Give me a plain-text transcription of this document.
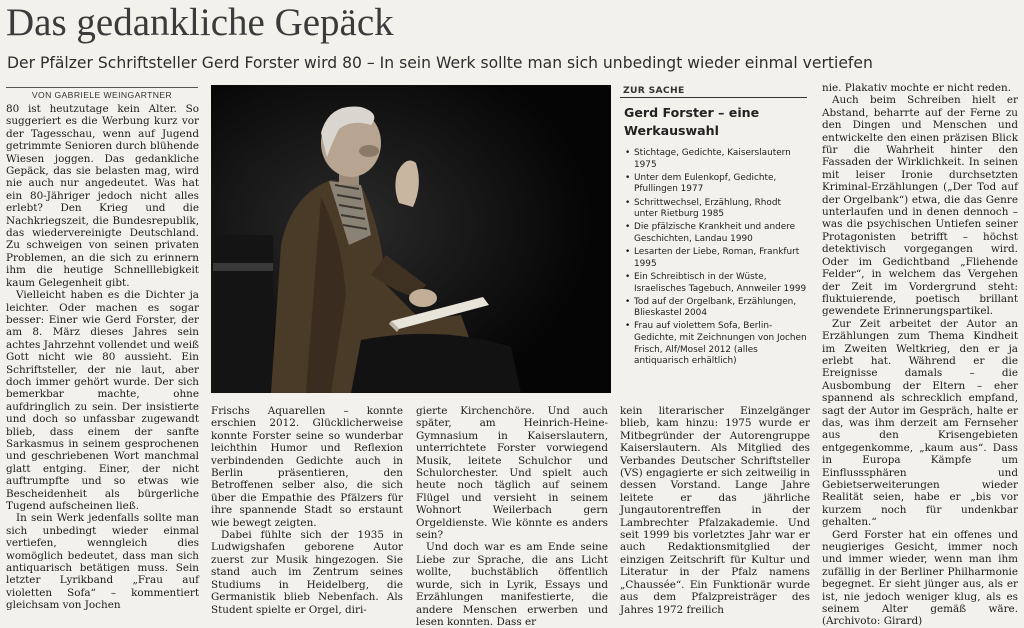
Das gedankliche Gepäck
Der Pfälzer Schriftsteller Gerd Forster wird 80 – In sein Werk sollte man sich unbedingt wieder einmal vertiefen
VON GABRIELE WEINGARTNER

80 ist heutzutage kein Alter. So suggeriert es die Werbung kurz vor der Tagesschau, wenn auf Jugend getrimmte Senioren durch blühende Wiesen joggen. Das gedankliche Gepäck, das sie belasten mag, wird nie auch nur angedeutet. Was hat ein 80-Jähriger jedoch nicht alles erlebt? Den Krieg und die Nachkriegszeit, die Bundesrepublik, das wiedervereinigte Deutschland. Zu schweigen von seinen privaten Problemen, an die sich zu erinnern ihm die heutige Schnelllebigkeit kaum Gelegenheit gibt.

Vielleicht haben es die Dichter ja leichter. Oder machen es sogar besser: Einer wie Gerd Forster, der am 8. März dieses Jahres sein achtes Jahrzehnt vollendet und weiß Gott nicht wie 80 aussieht. Ein Schriftsteller, der nie laut, aber doch immer gehört wurde. Der sich bemerkbar machte, ohne aufdringlich zu sein. Der insistierte und doch so unfassbar zugewandt blieb, dass einem der sanfte Sarkasmus in seinem gesprochenen und geschriebenen Wort manchmal glatt entging. Einer, der nicht auftrumpfte und so etwas wie Bescheidenheit als bürgerliche Tugend aufscheinen ließ.

In sein Werk jedenfalls sollte man sich unbedingt wieder einmal vertiefen, wenngleich dies womöglich bedeutet, dass man sich antiquarisch betätigen muss. Sein letzter Lyrikband „Frau auf violetten Sofa“ – kommentiert gleichsam von Jochen

ZUR SACHE
Gerd Forster – eine Werkauswahl
• Stichtage, Gedichte, Kaiserslautern 1975
• Unter dem Eulenkopf, Gedichte, Pfullingen 1977
• Schrittwechsel, Erzählung, Rhodt unter Rietburg 1985
• Die pfälzische Krankheit und andere Geschichten, Landau 1990
• Lesarten der Liebe, Roman, Frankfurt 1995
• Ein Schreibtisch in der Wüste, Israelisches Tagebuch, Annweiler 1999
• Tod auf der Orgelbank, Erzählungen, Blieskastel 2004
• Frau auf violettem Sofa, Berlin-Gedichte, mit Zeichnungen von Jochen Frisch, Alf/Mosel 2012 (alles antiquarisch erhältlich)

Frischs Aquarellen – konnte erschien 2012. Glücklicherweise konnte Forster seine so wunderbar leichthin Humor und Reflexion verbindenden Gedichte auch in Berlin präsentieren, den Betroffenen selber also, die sich über die Empathie des Pfälzers für ihre spannende Stadt so erstaunt wie bewegt zeigten.

Dabei fühlte sich der 1935 in Ludwigshafen geborene Autor zuerst zur Musik hingezogen. Sie stand auch im Zentrum seines Studiums in Heidelberg, die Germanistik blieb Nebenfach. Als Student spielte er Orgel, diri-

gierte Kirchenchöre. Und auch später, am Heinrich-Heine-Gymnasium in Kaiserslautern, unterrichtete Forster vorwiegend Musik, leitete Schulchor und Schulorchester. Und spielt auch heute noch täglich auf seinem Flügel und versieht in seinem Wohnort Weilerbach gern Orgeldienste. Wie könnte es anders sein?

Und doch war es am Ende seine Liebe zur Sprache, die ans Licht wollte, buchstäblich öffentlich wurde, sich in Lyrik, Essays und Erzählungen manifestierte, die andere Menschen erwerben und lesen konnten. Dass er

kein literarischer Einzelgänger blieb, kam hinzu: 1975 wurde er Mitbegründer der Autorengruppe Kaiserslautern. Als Mitglied des Verbandes Deutscher Schriftsteller (VS) engagierte er sich zeitweilig in dessen Vorstand. Lange Jahre leitete er das jährliche Jungautorentreffen in der Lambrechter Pfalzakademie. Und seit 1999 bis vorletztes Jahr war er auch Redaktionsmitglied der einzigen Zeitschrift für Kultur und Literatur in der Pfalz namens „Chaussée“. Ein Funktionär wurde aus dem Pfalzpreisträger des Jahres 1972 freilich

nie. Plakativ mochte er nicht reden.

Auch beim Schreiben hielt er Abstand, beharrte auf der Ferne zu den Dingen und Menschen und entwickelte den einen präzisen Blick für die Wahrheit hinter den Fassaden der Wirklichkeit. In seinen mit leiser Ironie durchsetzten Kriminal-Erzählungen („Der Tod auf der Orgelbank“) etwa, die das Genre unterlaufen und in denen dennoch – was die psychischen Untiefen seiner Protagonisten betrifft – höchst detektivisch vorgegangen wird. Oder im Gedichtband „Fliehende Felder“, in welchem das Vergehen der Zeit im Vordergrund steht: fluktuierende, poetisch brillant gewendete Erinnerungspartikel.

Zur Zeit arbeitet der Autor an Erzählungen zum Thema Kindheit im Zweiten Weltkrieg, den er ja erlebt hat. Während er die Ereignisse damals – die Ausbombung der Eltern – eher spannend als schrecklich empfand, sagt der Autor im Gespräch, halte er das, was ihm derzeit am Fernseher aus den Krisengebieten entgegenkomme, „kaum aus“. Dass in Europa Kämpfe um Einflusssphären und Gebietserweiterungen wieder Realität seien, habe er „bis vor kurzem noch für undenkbar gehalten.“

Gerd Forster hat ein offenes und neugieriges Gesicht, immer noch und immer wieder, wenn man ihm zufällig in der Berliner Philharmonie begegnet. Er sieht jünger aus, als er ist, nie jedoch weniger klug, als es seinem Alter gemäß wäre. (Archivoto: Girard)
